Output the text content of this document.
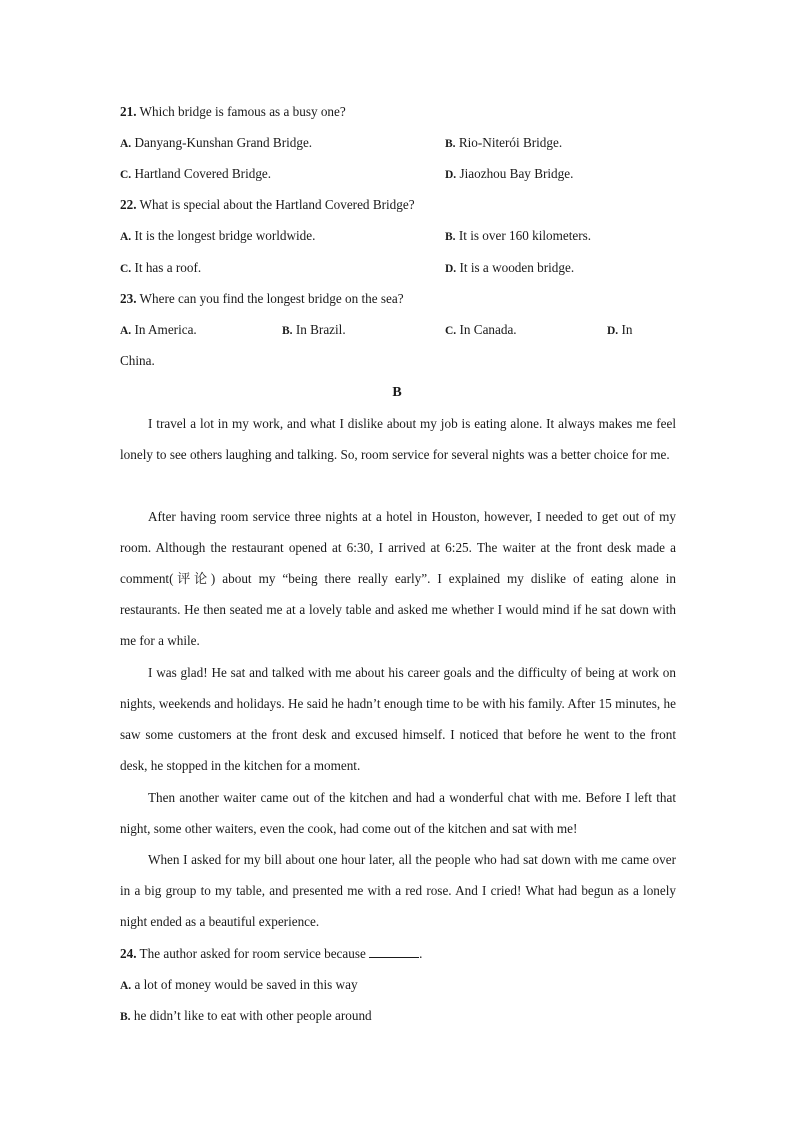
21. Which bridge is famous as a busy one?
A. Danyang-Kunshan Grand Bridge.	B. Rio-Niterói Bridge.
C. Hartland Covered Bridge.	D. Jiaozhou Bay Bridge.
22. What is special about the Hartland Covered Bridge?
A. It is the longest bridge worldwide.	B. It is over 160 kilometers.
C. It has a roof.	D. It is a wooden bridge.
23. Where can you find the longest bridge on the sea?
A. In America.	B. In Brazil.	C. In Canada.	D. In
China.
B
I travel a lot in my work, and what I dislike about my job is eating alone. It always makes me feel lonely to see others laughing and talking. So, room service for several nights was a better choice for me.
After having room service three nights at a hotel in Houston, however, I needed to get out of my room. Although the restaurant opened at 6:30, I arrived at 6:25. The waiter at the front desk made a comment(评论) about my “being there really early”. I explained my dislike of eating alone in restaurants. He then seated me at a lovely table and asked me whether I would mind if he sat down with me for a while.
I was glad! He sat and talked with me about his career goals and the difficulty of being at work on nights, weekends and holidays. He said he hadn’t enough time to be with his family. After 15 minutes, he saw some customers at the front desk and excused himself. I noticed that before he went to the front desk, he stopped in the kitchen for a moment.
Then another waiter came out of the kitchen and had a wonderful chat with me. Before I left that night, some other waiters, even the cook, had come out of the kitchen and sat with me!
When I asked for my bill about one hour later, all the people who had sat down with me came over in a big group to my table, and presented me with a red rose. And I cried! What had begun as a lonely night ended as a beautiful experience.
24. The author asked for room service because	.
A. a lot of money would be saved in this way
B. he didn’t like to eat with other people around
